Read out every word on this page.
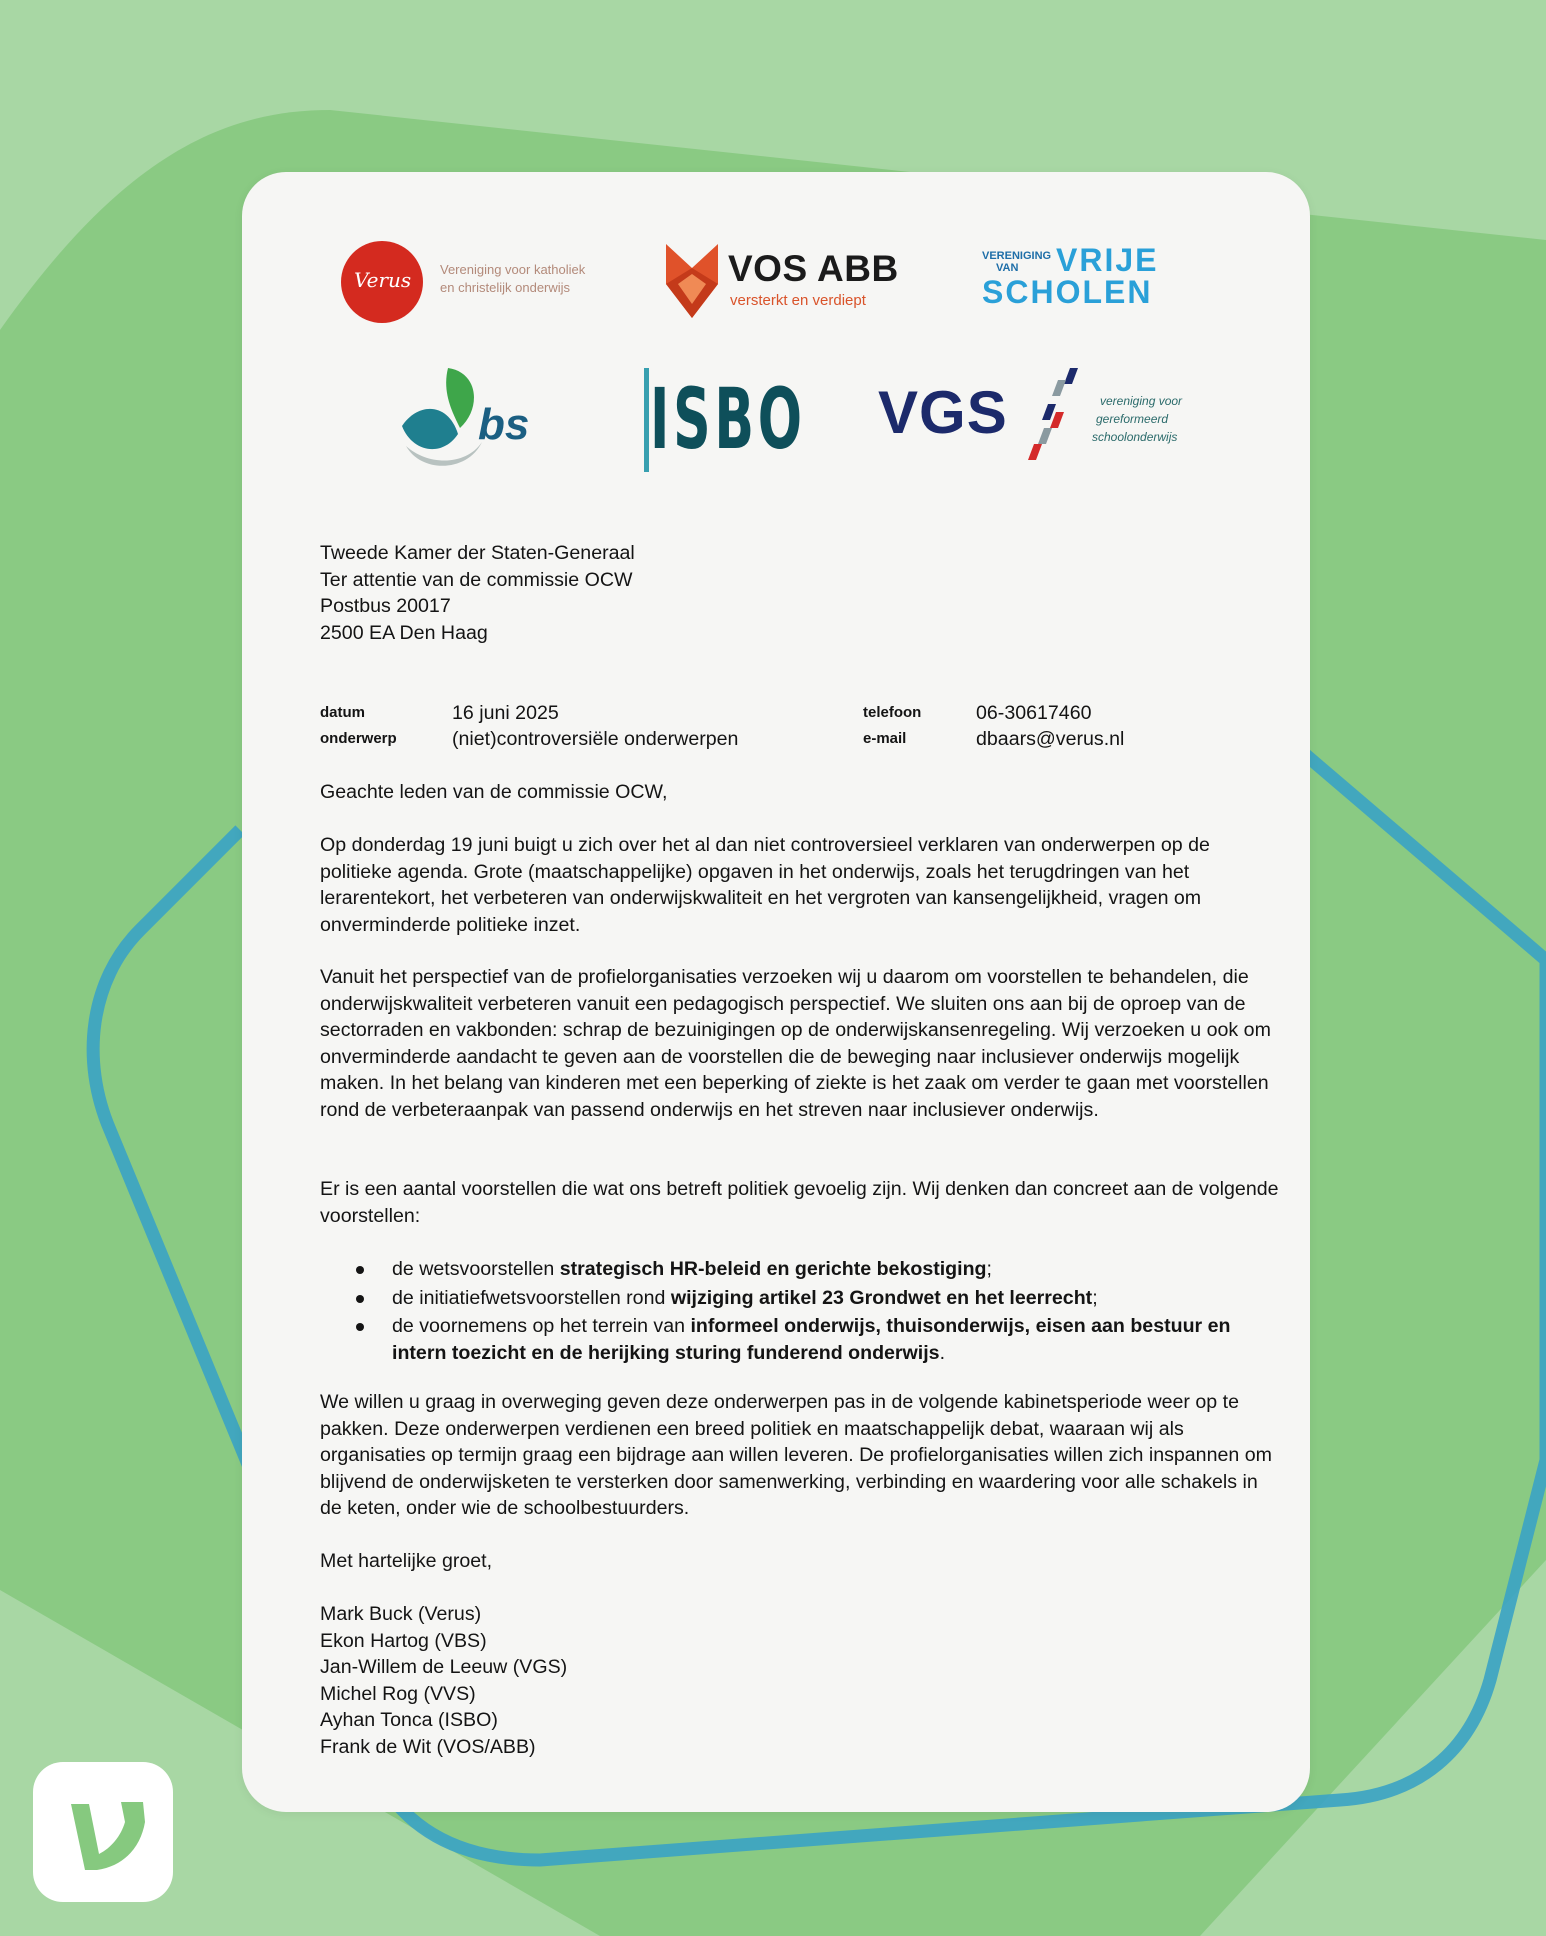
Verus Vereniging voor katholiek
en christelijk onderwijs	VOS ABB
versterkt en verdiept
VERENIGING
VAN VRIJE
SCHOLEN
bs ISBO VGS	vereniging voor
gereformeerd
schoolonderwijs
Tweede Kamer der Staten-Generaal
Ter attentie van de commissie OCW
Postbus 20017
2500 EA Den Haag
datum	16 juni 2025
onderwerp	(niet)controversiële onderwerpen
telefoon	06-30617460
e-mail	dbaars@verus.nl
Geachte leden van de commissie OCW,
Op donderdag 19 juni buigt u zich over het al dan niet controversieel verklaren van onderwerpen op de politieke agenda. Grote (maatschappelijke) opgaven in het onderwijs, zoals het terugdringen van het lerarentekort, het verbeteren van onderwijskwaliteit en het vergroten van kansengelijkheid, vragen om onverminderde politieke inzet.
Vanuit het perspectief van de profielorganisaties verzoeken wij u daarom om voorstellen te behandelen, die onderwijskwaliteit verbeteren vanuit een pedagogisch perspectief. We sluiten ons aan bij de oproep van de sectorraden en vakbonden: schrap de bezuinigingen op de onderwijskansenregeling. Wij verzoeken u ook om onverminderde aandacht te geven aan de voorstellen die de beweging naar inclusiever onderwijs mogelijk maken. In het belang van kinderen met een beperking of ziekte is het zaak om verder te gaan met voorstellen rond de verbeteraanpak van passend onderwijs en het streven naar inclusiever onderwijs.
Er is een aantal voorstellen die wat ons betreft politiek gevoelig zijn. Wij denken dan concreet aan de volgende voorstellen:
de wetsvoorstellen strategisch HR-beleid en gerichte bekostiging;
de initiatiefwetsvoorstellen rond wijziging artikel 23 Grondwet en het leerrecht;
de voornemens op het terrein van informeel onderwijs, thuisonderwijs, eisen aan bestuur en intern toezicht en de herijking sturing funderend onderwijs.
We willen u graag in overweging geven deze onderwerpen pas in de volgende kabinetsperiode weer op te pakken. Deze onderwerpen verdienen een breed politiek en maatschappelijk debat, waaraan wij als organisaties op termijn graag een bijdrage aan willen leveren. De profielorganisaties willen zich inspannen om blijvend de onderwijsketen te versterken door samenwerking, verbinding en waardering voor alle schakels in de keten, onder wie de schoolbestuurders.
Met hartelijke groet,
Mark Buck (Verus)
Ekon Hartog (VBS)
Jan-Willem de Leeuw (VGS)
Michel Rog (VVS)
Ayhan Tonca (ISBO)
Frank de Wit (VOS/ABB)
